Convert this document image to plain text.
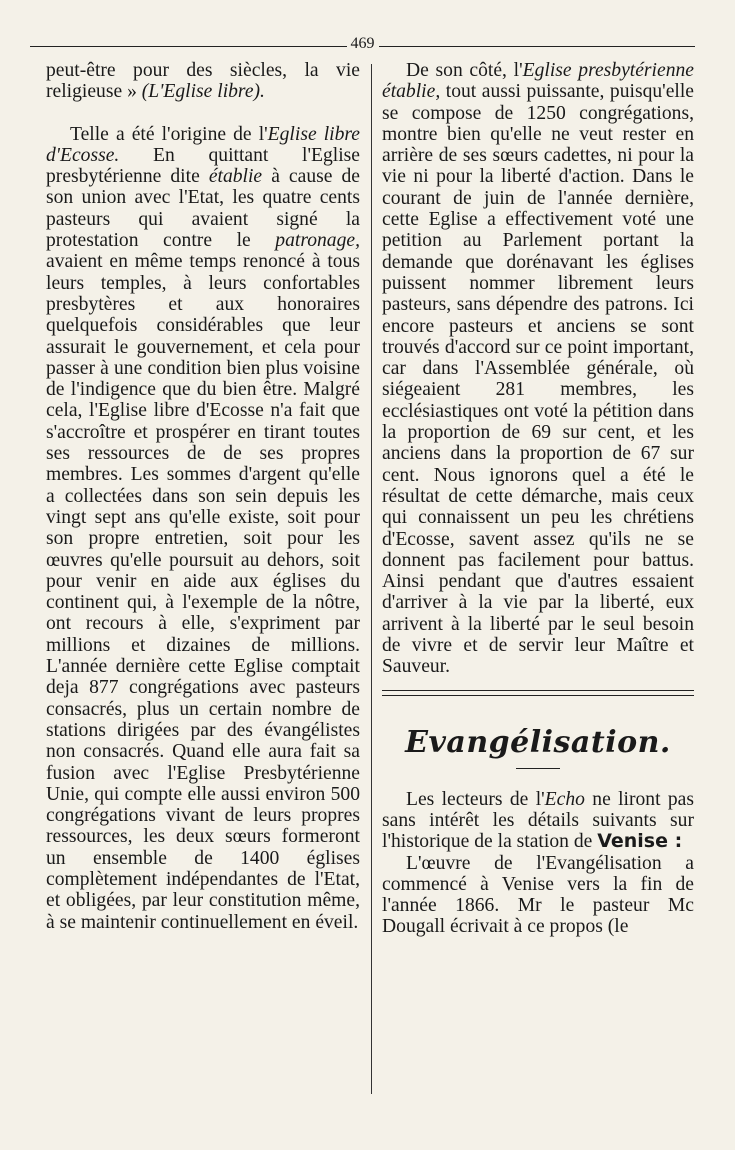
469

peut-être pour des siècles, la vie religieuse » (L'Eglise libre).

Telle a été l'origine de l'Eglise libre d'Ecosse. En quittant l'Eglise presbytérienne dite établie à cause de son union avec l'Etat, les quatre cents pasteurs qui avaient signé la protestation contre le patronage, avaient en même temps renoncé à tous leurs temples, à leurs confortables presbytères et aux honoraires quelquefois considérables que leur assurait le gouvernement, et cela pour passer à une condition bien plus voisine de l'indigence que du bien être. Malgré cela, l'Eglise libre d'Ecosse n'a fait que s'accroître et prospérer en tirant toutes ses ressources de de ses propres membres. Les sommes d'argent qu'elle a collectées dans son sein depuis les vingt sept ans qu'elle existe, soit pour son propre entretien, soit pour les œuvres qu'elle poursuit au dehors, soit pour venir en aide aux églises du continent qui, à l'exemple de la nôtre, ont recours à elle, s'expriment par millions et dizaines de millions. L'année dernière cette Eglise comptait deja 877 congrégations avec pasteurs consacrés, plus un certain nombre de stations dirigées par des évangélistes non consacrés. Quand elle aura fait sa fusion avec l'Eglise Presbytérienne Unie, qui compte elle aussi environ 500 congrégations vivant de leurs propres ressources, les deux sœurs formeront un ensemble de 1400 églises complètement indépendantes de l'Etat, et obligées, par leur constitution même, à se maintenir continuellement en éveil.

De son côté, l'Eglise presbytérienne établie, tout aussi puissante, puisqu'elle se compose de 1250 congrégations, montre bien qu'elle ne veut rester en arrière de ses sœurs cadettes, ni pour la vie ni pour la liberté d'action. Dans le courant de juin de l'année dernière, cette Eglise a effectivement voté une petition au Parlement portant la demande que dorénavant les églises puissent nommer librement leurs pasteurs, sans dépendre des patrons. Ici encore pasteurs et anciens se sont trouvés d'accord sur ce point important, car dans l'Assemblée générale, où siégeaient 281 membres, les ecclésiastiques ont voté la pétition dans la proportion de 69 sur cent, et les anciens dans la proportion de 67 sur cent. Nous ignorons quel a été le résultat de cette démarche, mais ceux qui connaissent un peu les chrétiens d'Ecosse, savent assez qu'ils ne se donnent pas facilement pour battus. Ainsi pendant que d'autres essaient d'arriver à la vie par la liberté, eux arrivent à la liberté par le seul besoin de vivre et de servir leur Maître et Sauveur.

Evangélisation.

Les lecteurs de l'Echo ne liront pas sans intérêt les détails suivants sur l'historique de la station de Venise :

L'œuvre de l'Evangélisation a commencé à Venise vers la fin de l'année 1866. Mr le pasteur Mc Dougall écrivait à ce propos (le
